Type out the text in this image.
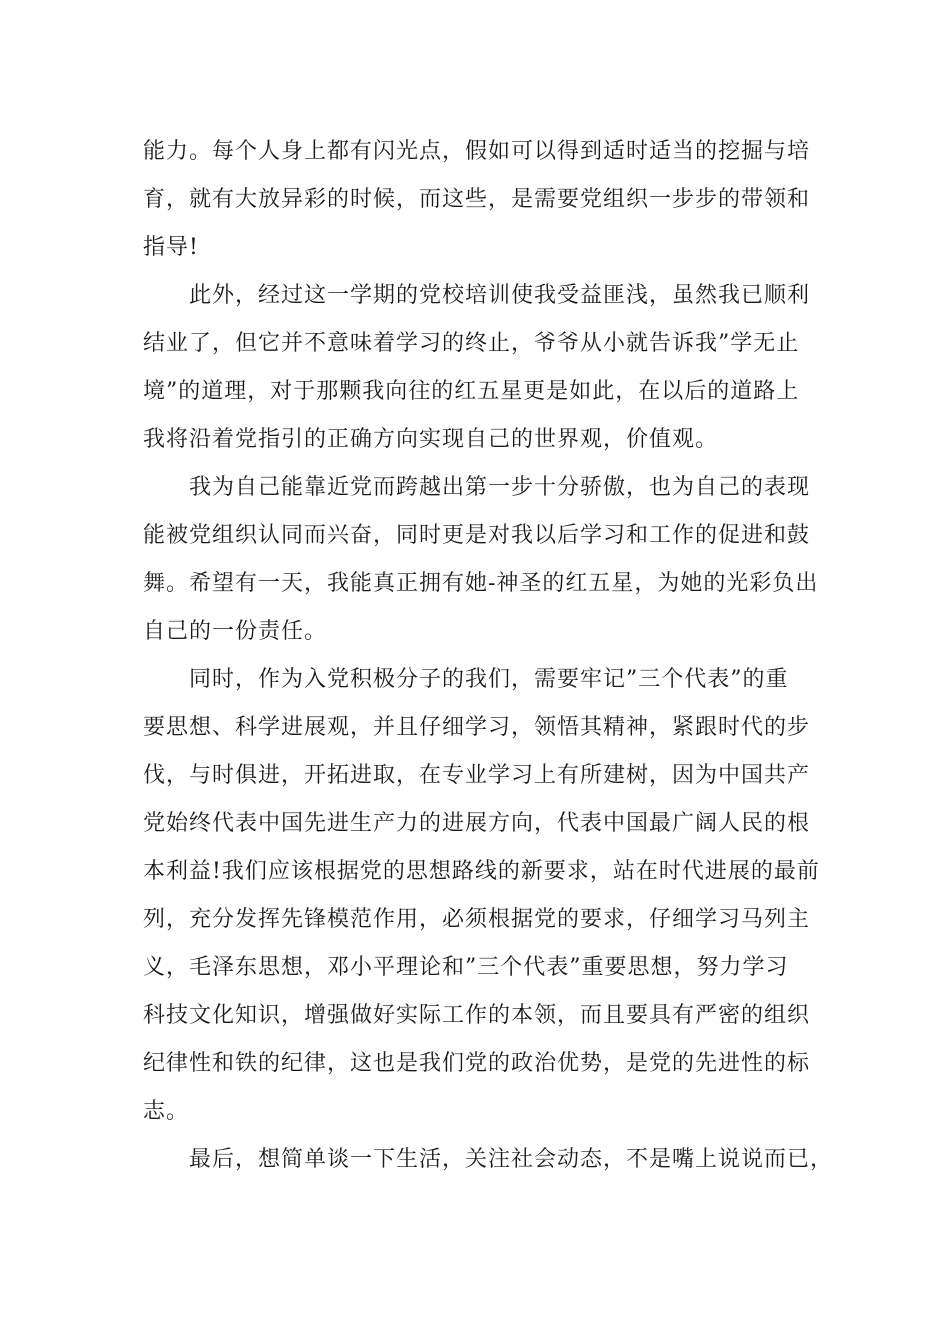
能力。每个人身上都有闪光点，假如可以得到适时适当的挖掘与培
育，就有大放异彩的时候，而这些，是需要党组织一步步的带领和
指导!
此外，经过这一学期的党校培训使我受益匪浅，虽然我已顺利
结业了，但它并不意味着学习的终止，爷爷从小就告诉我”学无止
境”的道理，对于那颗我向往的红五星更是如此，在以后的道路上
我将沿着党指引的正确方向实现自己的世界观，价值观。
我为自己能靠近党而跨越出第一步十分骄傲，也为自己的表现
能被党组织认同而兴奋，同时更是对我以后学习和工作的促进和鼓
舞。希望有一天，我能真正拥有她-神圣的红五星，为她的光彩负出
自己的一份责任。
同时，作为入党积极分子的我们，需要牢记”三个代表”的重
要思想、科学进展观，并且仔细学习，领悟其精神，紧跟时代的步
伐，与时俱进，开拓进取，在专业学习上有所建树，因为中国共产
党始终代表中国先进生产力的进展方向，代表中国最广阔人民的根
本利益!我们应该根据党的思想路线的新要求，站在时代进展的最前
列，充分发挥先锋模范作用，必须根据党的要求，仔细学习马列主
义，毛泽东思想，邓小平理论和”三个代表”重要思想，努力学习
科技文化知识，增强做好实际工作的本领，而且要具有严密的组织
纪律性和铁的纪律，这也是我们党的政治优势，是党的先进性的标
志。
最后，想简单谈一下生活，关注社会动态，不是嘴上说说而已，
